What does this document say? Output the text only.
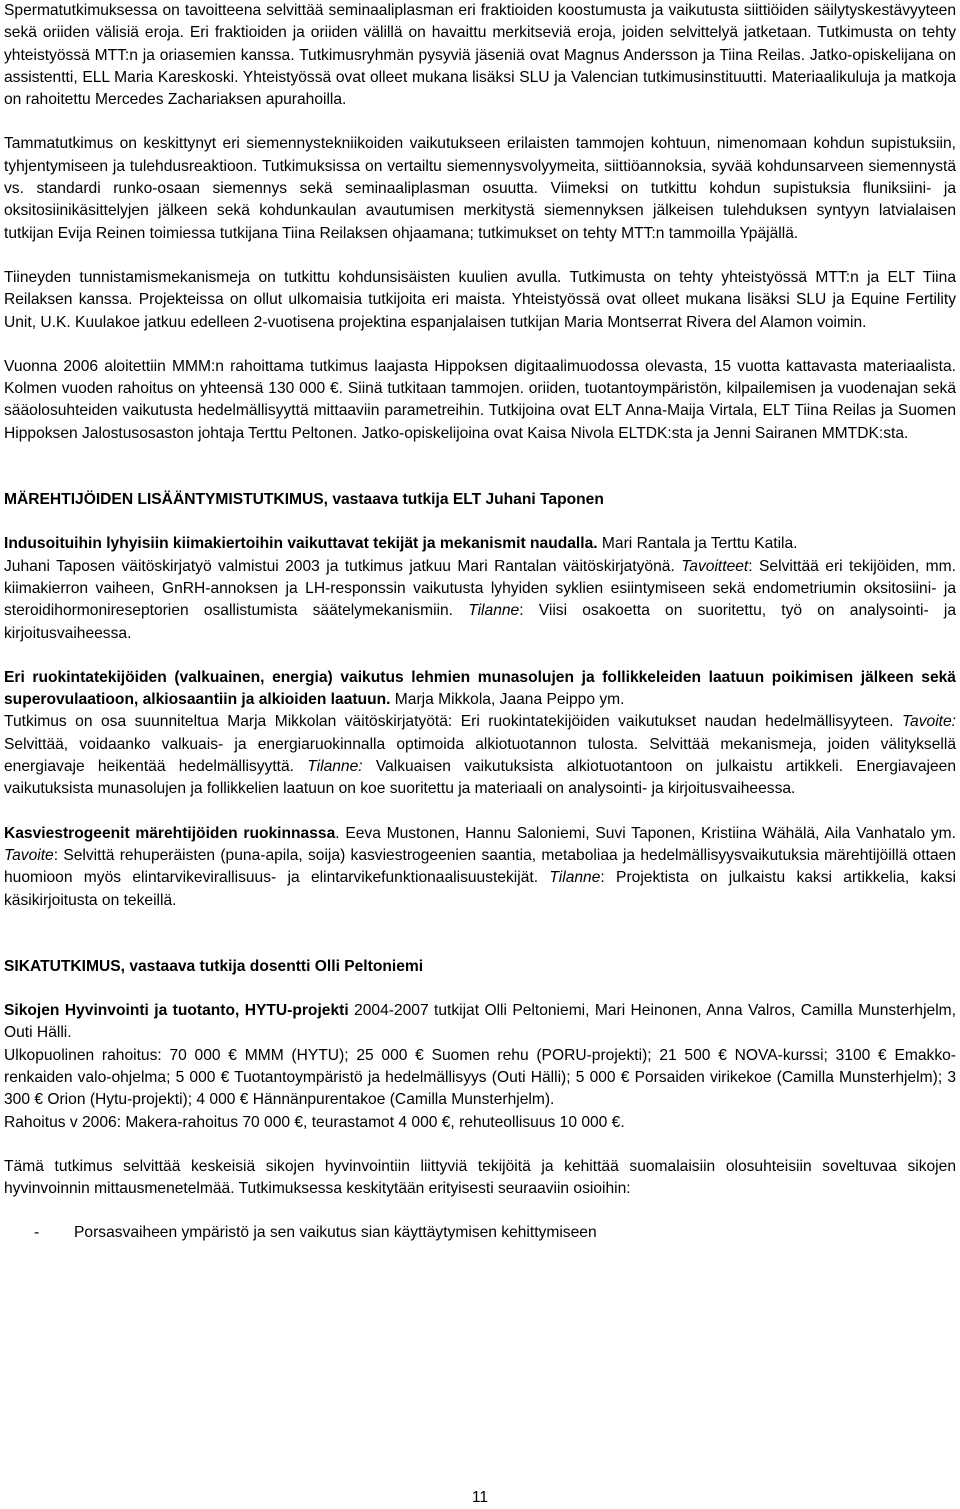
Spermatutkimuksessa on tavoitteena selvittää seminaaliplasman eri fraktioiden koostumusta ja vaikutusta siittiöiden säilytyskestävyyteen sekä oriiden välisiä eroja. Eri fraktioiden ja oriiden välillä on havaittu merkitseviä eroja, joiden selvittelyä jatketaan. Tutkimusta on tehty yhteistyössä MTT:n ja oriasemien kanssa. Tutkimusryhmän pysyviä jäseniä ovat Magnus Andersson ja Tiina Reilas. Jatko-opiskelijana on assistentti, ELL Maria Kareskoski. Yhteistyössä ovat olleet mukana lisäksi SLU ja Valencian tutkimusinstituutti. Materiaalikuluja ja matkoja on rahoitettu Mercedes Zachariaksen apurahoilla.

Tammatutkimus on keskittynyt eri siemennystekniikoiden vaikutukseen erilaisten tammojen kohtuun, nimenomaan kohdun supistuksiin, tyhjentymiseen ja tulehdusreaktioon. Tutkimuksissa on vertailtu siemennysvolyymeita, siittiöannoksia, syvää kohdunsarveen siemennystä vs. standardi runko-osaan siemennys sekä seminaaliplasman osuutta. Viimeksi on tutkittu kohdun supistuksia fluniksiini- ja oksitosiinikäsittelyjen jälkeen sekä kohdunkaulan avautumisen merkitystä siemennyksen jälkeisen tulehduksen syntyyn latvialaisen tutkijan Evija Reinen toimiessa tutkijana Tiina Reilaksen ohjaamana; tutkimukset on tehty MTT:n tammoilla Ypäjällä.

Tiineyden tunnistamismekanismeja on tutkittu kohdunsisäisten kuulien avulla. Tutkimusta on tehty yhteistyössä MTT:n ja ELT Tiina Reilaksen kanssa. Projekteissa on ollut ulkomaisia tutkijoita eri maista. Yhteistyössä ovat olleet mukana lisäksi SLU ja Equine Fertility Unit, U.K. Kuulakoe jatkuu edelleen 2-vuotisena projektina espanjalaisen tutkijan Maria Montserrat Rivera del Alamon voimin.

Vuonna 2006 aloitettiin MMM:n rahoittama tutkimus laajasta Hippoksen digitaalimuodossa olevasta, 15 vuotta kattavasta materiaalista. Kolmen vuoden rahoitus on yhteensä 130 000 €. Siinä tutkitaan tammojen. oriiden, tuotantoympäristön, kilpailemisen ja vuodenajan sekä sääolosuhteiden vaikutusta hedelmällisyyttä mittaaviin parametreihin. Tutkijoina ovat ELT Anna-Maija Virtala, ELT Tiina Reilas ja Suomen Hippoksen Jalostusosaston johtaja Terttu Peltonen. Jatko-opiskelijoina ovat Kaisa Nivola ELTDK:sta ja Jenni Sairanen MMTDK:sta.

MÄREHTIJÖIDEN LISÄÄNTYMISTUTKIMUS, vastaava tutkija ELT Juhani Taponen

Indusoituihin lyhyisiin kiimakiertoihin vaikuttavat tekijät ja mekanismit naudalla. Mari Rantala ja Terttu Katila.

Juhani Taposen väitöskirjatyö valmistui 2003 ja tutkimus jatkuu Mari Rantalan väitöskirjatyönä. Tavoitteet: Selvittää eri tekijöiden, mm. kiimakierron vaiheen, GnRH-annoksen ja LH-responssin vaikutusta lyhyiden syklien esiintymiseen sekä endometriumin oksitosiini- ja steroidihormonireseptorien osallistumista säätelymekanismiin. Tilanne: Viisi osakoetta on suoritettu, työ on analysointi- ja kirjoitusvaiheessa.

Eri ruokintatekijöiden (valkuainen, energia) vaikutus lehmien munasolujen ja follikkeleiden laatuun poikimisen jälkeen sekä superovulaatioon, alkiosaantiin ja alkioiden laatuun. Marja Mikkola, Jaana Peippo ym.

Tutkimus on osa suunniteltua Marja Mikkolan väitöskirjatyötä: Eri ruokintatekijöiden vaikutukset naudan hedelmällisyyteen. Tavoite: Selvittää, voidaanko valkuais- ja energiaruokinnalla optimoida alkiotuotannon tulosta. Selvittää mekanismeja, joiden välityksellä energiavaje heikentää hedelmällisyyttä. Tilanne: Valkuaisen vaikutuksista alkiotuotantoon on julkaistu artikkeli. Energiavajeen vaikutuksista munasolujen ja follikkelien laatuun on koe suoritettu ja materiaali on analysointi- ja kirjoitusvaiheessa.

Kasviestrogeenit märehtijöiden ruokinnassa. Eeva Mustonen, Hannu Saloniemi, Suvi Taponen, Kristiina Wähälä, Aila Vanhatalo ym. Tavoite: Selvittä rehuperäisten (puna-apila, soija) kasviestrogeenien saantia, metaboliaa ja hedelmällisyysvaikutuksia märehtijöillä ottaen huomioon myös elintarvikevirallisuus- ja elintarvikefunktionaalisuustekijät. Tilanne: Projektista on julkaistu kaksi artikkelia, kaksi käsikirjoitusta on tekeillä.

SIKATUTKIMUS, vastaava tutkija dosentti Olli Peltoniemi

Sikojen Hyvinvointi ja tuotanto, HYTU-projekti 2004-2007 tutkijat Olli Peltoniemi, Mari Heinonen, Anna Valros, Camilla Munsterhjelm, Outi Hälli.

Ulkopuolinen rahoitus: 70 000 € MMM (HYTU); 25 000 € Suomen rehu (PORU-projekti); 21 500 € NOVA-kurssi; 3100 € Emakko-renkaiden valo-ohjelma; 5 000 € Tuotantoympäristö ja hedelmällisyys (Outi Hälli); 5 000 € Porsaiden virikekoe (Camilla Munsterhjelm); 3 300 € Orion (Hytu-projekti); 4 000 € Hännänpurentakoe (Camilla Munsterhjelm).

Rahoitus v 2006: Makera-rahoitus 70 000 €, teurastamot 4 000 €, rehuteollisuus 10 000 €.

Tämä tutkimus selvittää keskeisiä sikojen hyvinvointiin liittyviä tekijöitä ja kehittää suomalaisiin olosuhteisiin soveltuvaa sikojen hyvinvoinnin mittausmenetelmää. Tutkimuksessa keskitytään erityisesti seuraaviin osioihin:

-	Porsasvaiheen ympäristö ja sen vaikutus sian käyttäytymisen kehittymiseen
11
